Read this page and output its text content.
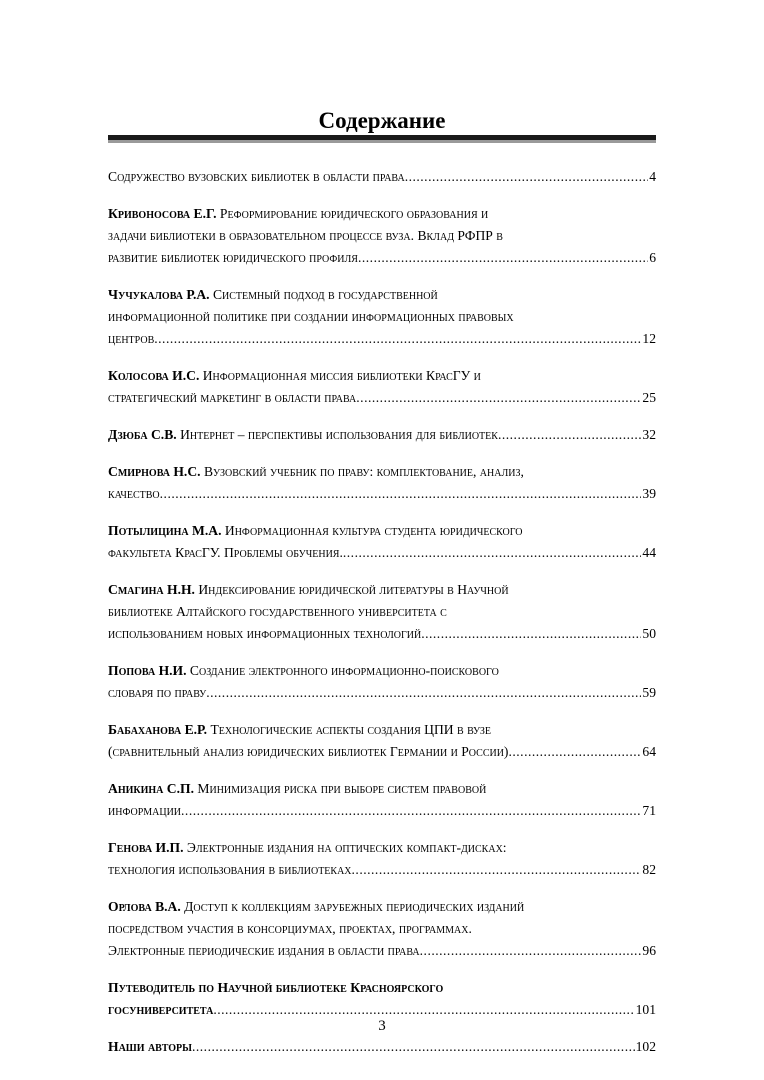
Содержание
Содружество вузовских библиотек в области права .....	4
Кривоносова Е.Г. Реформирование юридического образования и
задачи библиотеки в образовательном процессе вуза. Вклад РФПР в
развитие библиотек юридического профиля .....	6
Чучукалова Р.А. Системный подход в государственной
информационной политике при создании информационных правовых
центров .....	12
Колосова И.С. Информационная миссия библиотеки КрасГУ и
стратегический маркетинг в области права .....	25
Дзюба С.В. Интернет – перспективы использования для библиотек .....	32
Смирнова Н.С. Вузовский учебник по праву: комплектование, анализ,
качество .....	39
Потылицина М.А. Информационная культура студента юридического
факультета КрасГУ. Проблемы обучения. .....	44
Смагина Н.Н. Индексирование юридической литературы в Научной
библиотеке Алтайского государственного университета с
использованием новых информационных технологий .....	50
Попова Н.И. Создание электронного информационно-поискового
словаря по праву .....	59
Бабаханова Е.Р. Технологические аспекты создания ЦПИ в вузе
(сравнительный анализ юридических библиотек Германии и России) .....	64
Аникина С.П. Минимизация риска при выборе систем правовой
информации .....	71
Генова И.П. Электронные издания на оптических компакт-дисках:
технология использования в библиотеках .....	82
Орлова В.А. Доступ к коллекциям зарубежных периодических изданий
посредством участия в консорциумах, проектах, программах.
Электронные периодические издания в области права .....	96
Путеводитель по Научной библиотеке Красноярского
госуниверситета .....	101
Наши авторы .....	102
3
